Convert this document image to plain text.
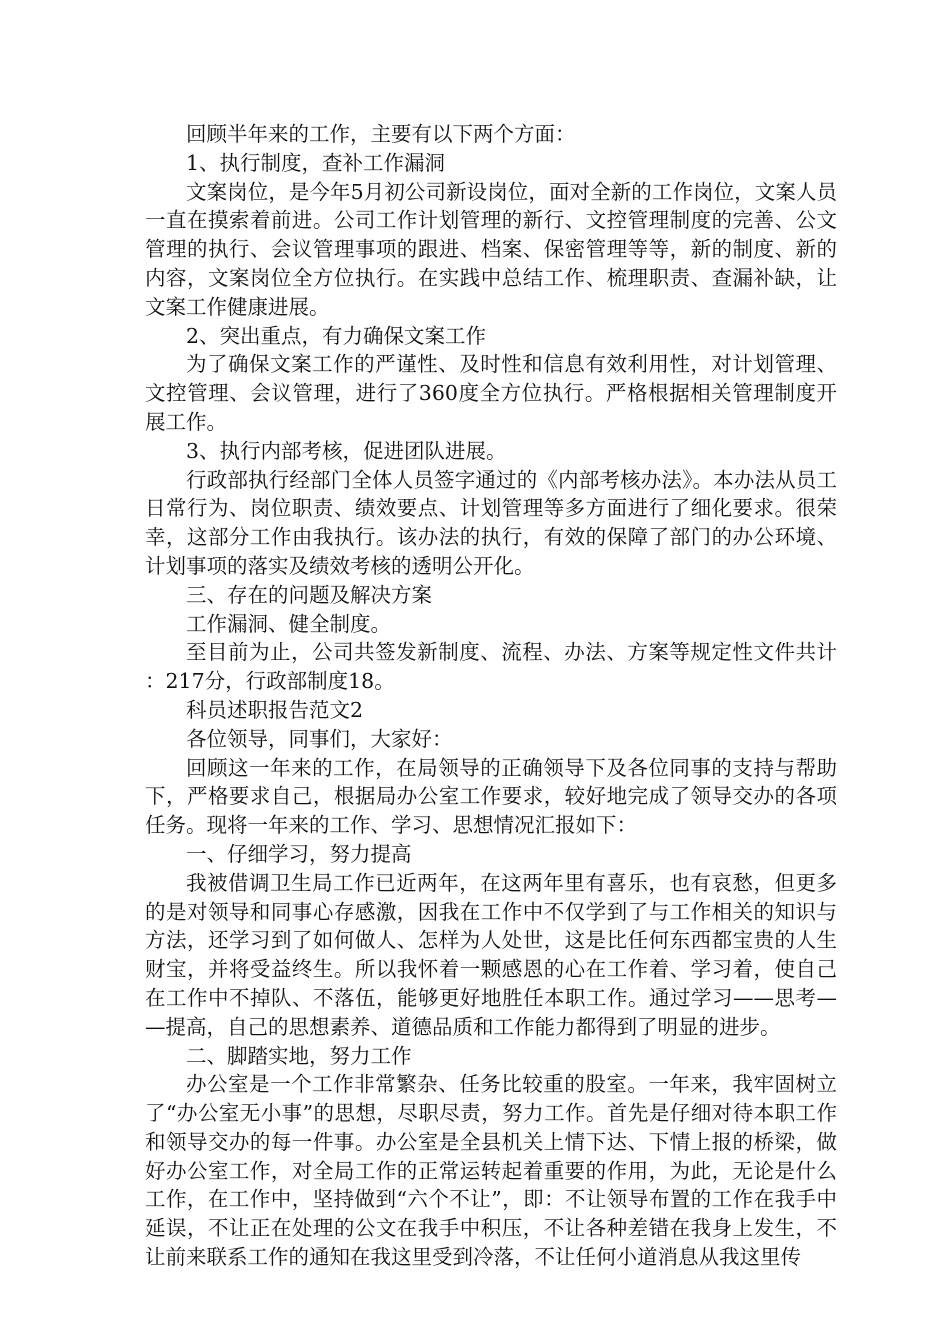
回顾半年来的工作，主要有以下两个方面：

1、执行制度，查补工作漏洞

文案岗位，是今年5月初公司新设岗位，面对全新的工作岗位，文案人员一直在摸索着前进。公司工作计划管理的新行、文控管理制度的完善、公文管理的执行、会议管理事项的跟进、档案、保密管理等等，新的制度、新的内容，文案岗位全方位执行。在实践中总结工作、梳理职责、查漏补缺，让文案工作健康进展。

2、突出重点，有力确保文案工作

为了确保文案工作的严谨性、及时性和信息有效利用性，对计划管理、文控管理、会议管理，进行了360度全方位执行。严格根据相关管理制度开展工作。

3、执行内部考核，促进团队进展。

行政部执行经部门全体人员签字通过的《内部考核办法》。本办法从员工日常行为、岗位职责、绩效要点、计划管理等多方面进行了细化要求。很荣幸，这部分工作由我执行。该办法的执行，有效的保障了部门的办公环境、计划事项的落实及绩效考核的透明公开化。

三、存在的问题及解决方案

工作漏洞、健全制度。

至目前为止，公司共签发新制度、流程、办法、方案等规定性文件共计：217分，行政部制度18。

科员述职报告范文2

各位领导，同事们，大家好：

回顾这一年来的工作，在局领导的正确领导下及各位同事的支持与帮助下，严格要求自己，根据局办公室工作要求，较好地完成了领导交办的各项任务。现将一年来的工作、学习、思想情况汇报如下：

一、仔细学习，努力提高

我被借调卫生局工作已近两年，在这两年里有喜乐，也有哀愁，但更多的是对领导和同事心存感激，因我在工作中不仅学到了与工作相关的知识与方法，还学习到了如何做人、怎样为人处世，这是比任何东西都宝贵的人生财宝，并将受益终生。所以我怀着一颗感恩的心在工作着、学习着，使自己在工作中不掉队、不落伍，能够更好地胜任本职工作。通过学习——思考——提高，自己的思想素养、道德品质和工作能力都得到了明显的进步。

二、脚踏实地，努力工作

办公室是一个工作非常繁杂、任务比较重的股室。一年来，我牢固树立了“办公室无小事”的思想，尽职尽责，努力工作。首先是仔细对待本职工作和领导交办的每一件事。办公室是全县机关上情下达、下情上报的桥梁，做好办公室工作，对全局工作的正常运转起着重要的作用，为此，无论是什么工作，在工作中，坚持做到“六个不让”，即：不让领导布置的工作在我手中延误，不让正在处理的公文在我手中积压，不让各种差错在我身上发生，不让前来联系工作的通知在我这里受到冷落，不让任何小道消息从我这里传
